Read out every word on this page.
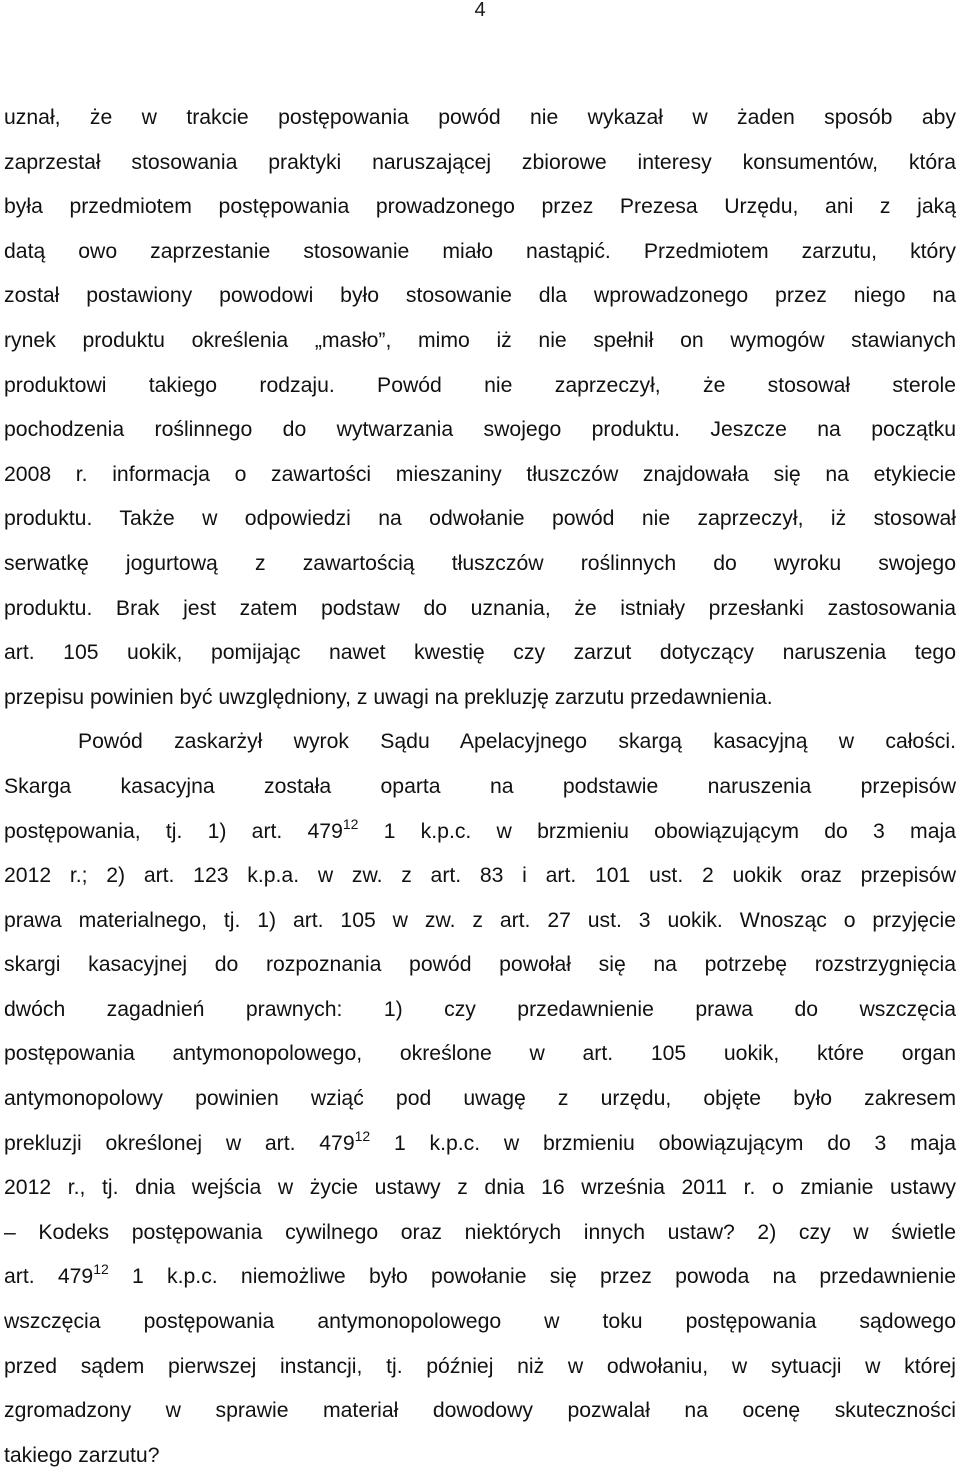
4
uznał, że w trakcie postępowania powód nie wykazał w żaden sposób aby
zaprzestał stosowania praktyki naruszającej zbiorowe interesy konsumentów, która
była przedmiotem postępowania prowadzonego przez Prezesa Urzędu, ani z jaką
datą owo zaprzestanie stosowanie miało nastąpić. Przedmiotem zarzutu, który
został postawiony powodowi było stosowanie dla wprowadzonego przez niego na
rynek produktu określenia „masło”, mimo iż nie spełnił on wymogów stawianych
produktowi takiego rodzaju. Powód nie zaprzeczył, że stosował sterole
pochodzenia roślinnego do wytwarzania swojego produktu. Jeszcze na początku
2008 r. informacja o zawartości mieszaniny tłuszczów znajdowała się na etykiecie
produktu. Także w odpowiedzi na odwołanie powód nie zaprzeczył, iż stosował
serwatkę jogurtową z zawartością tłuszczów roślinnych do wyroku swojego
produktu. Brak jest zatem podstaw do uznania, że istniały przesłanki zastosowania
art. 105 uokik, pomijając nawet kwestię czy zarzut dotyczący naruszenia tego
przepisu powinien być uwzględniony, z uwagi na prekluzję zarzutu przedawnienia.
Powód zaskarżył wyrok Sądu Apelacyjnego skargą kasacyjną w całości.
Skarga kasacyjna została oparta na podstawie naruszenia przepisów
postępowania, tj. 1) art. $479^{12}$ 1 k.p.c. w brzmieniu obowiązującym do 3 maja
2012 r.; 2) art. 123 k.p.a. w zw. z art. 83 i art. 101 ust. 2 uokik oraz przepisów
prawa materialnego, tj. 1) art. 105 w zw. z art. 27 ust. 3 uokik. Wnosząc o przyjęcie
skargi kasacyjnej do rozpoznania powód powołał się na potrzebę rozstrzygnięcia
dwóch zagadnień prawnych: 1) czy przedawnienie prawa do wszczęcia
postępowania antymonopolowego, określone w art. 105 uokik, które organ
antymonopolowy powinien wziąć pod uwagę z urzędu, objęte było zakresem
prekluzji określonej w art. $479^{12}$ 1 k.p.c. w brzmieniu obowiązującym do 3 maja
2012 r., tj. dnia wejścia w życie ustawy z dnia 16 września 2011 r. o zmianie ustawy
– Kodeks postępowania cywilnego oraz niektórych innych ustaw? 2) czy w świetle
art. $479^{12}$ 1 k.p.c. niemożliwe było powołanie się przez powoda na przedawnienie
wszczęcia postępowania antymonopolowego w toku postępowania sądowego
przed sądem pierwszej instancji, tj. później niż w odwołaniu, w sytuacji w której
zgromadzony w sprawie materiał dowodowy pozwalał na ocenę skuteczności
takiego zarzutu?
